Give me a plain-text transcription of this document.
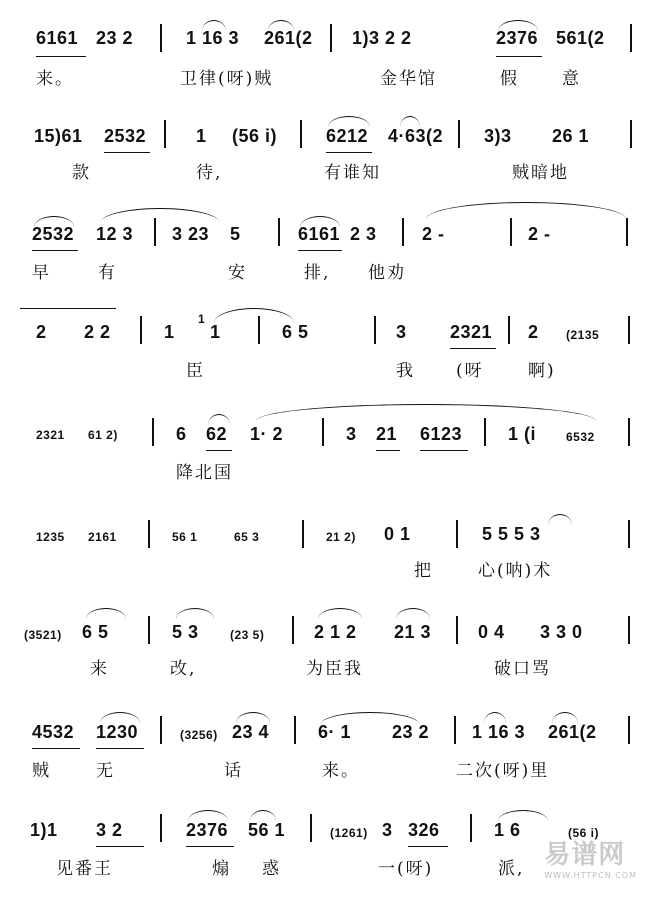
6161 23 2	1 16 3 261(2 1)3 2 2	2376 561(2
来。	卫律(呀)贼	金华馆	假	意
15)61 2532	1 (56 i)	6212 4·63(2 3)3 26 1
款	待,	有谁知	贼暗地
2532 12 3 3 23 5	6161 2 3	2 -	2 -
早	有	安	排, 他劝
2 2 2	1 1
1
6 5	3 2321 2 (2135
臣	我 (呀	啊)
2321 61 2)	6 62 1· 2	3 21 6123	1 (i 6532
降北国
1235 2161	56 1	65 3	21 2) 0 1	5 5 5 3
把	心(呐)术
(3521) 6 5	5 3	(23 5)	2 1 2 21 3	0 4 3 3 0
来	改,	为臣我	破口骂
4532 1230	(3256) 23 4	6· 1 23 2 1 16 3 261(2
贼	无	话	来。	二次(呀)里
1)1 3 2	2376 56 1	(1261) 3 326	1 6	(56 i)
见番王	煽 惑	一(呀)	派, 易谱网
WWW.HTTPCN.COM
